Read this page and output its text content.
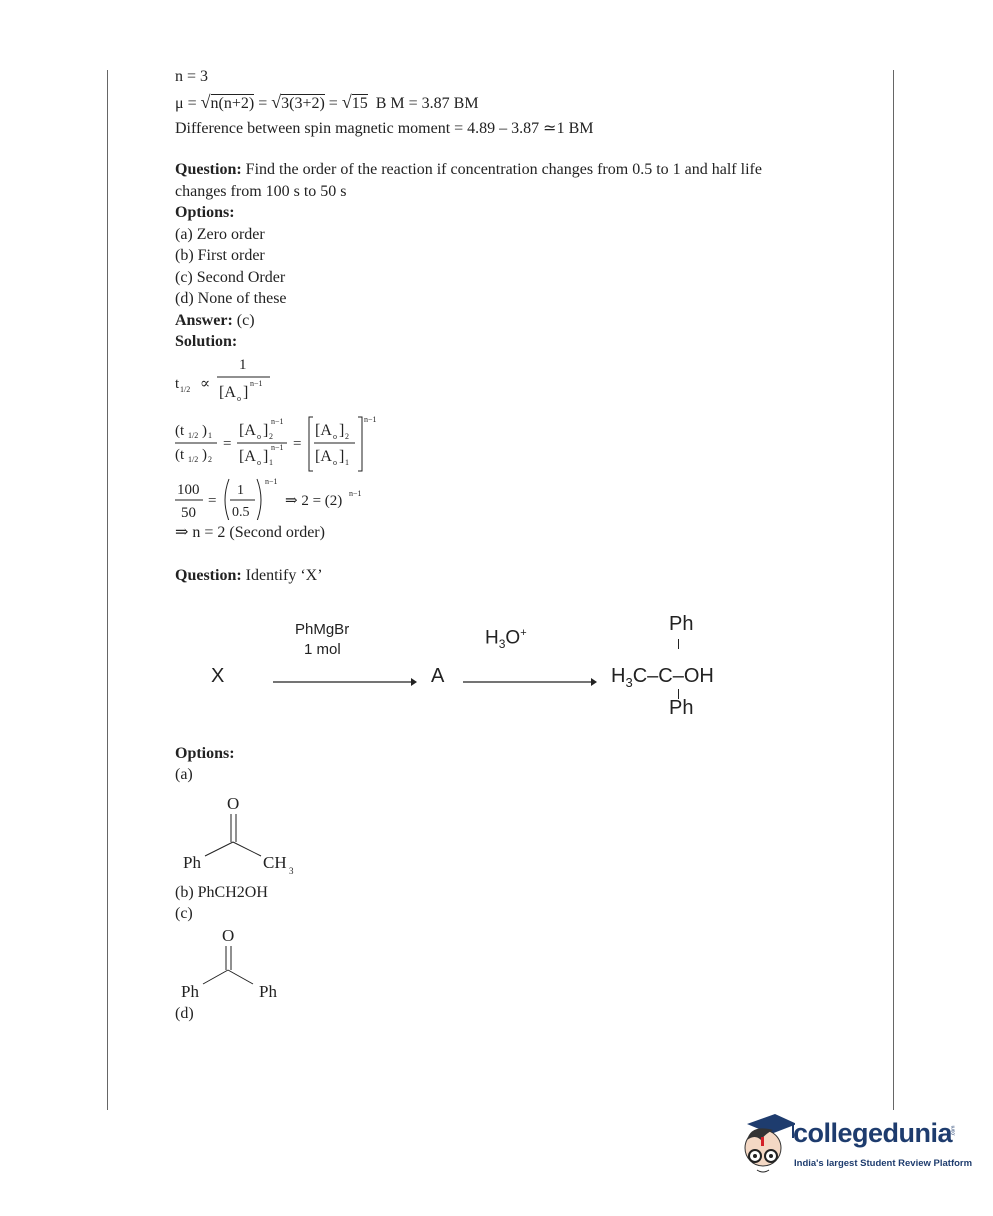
n = 3
μ = √n(n+2) = √3(3+2) = √15 B M = 3.87 BM
Difference between spin magnetic moment = 4.89 – 3.87 ≃1 BM
Question: Find the order of the reaction if concentration changes from 0.5 to 1 and half life changes from 100 s to 50 s
Options:
(a) Zero order
(b) First order
(c) Second Order
(d) None of these
Answer: (c)
Solution:
t 1/2 ∝
1
[A o ]
n−1
(t 1/2 ) 1
(t 1/2 ) 2
=
[A o ] 2
n−1
[A o ] 1
n−1 =
[A o ] 2
[A o ] 1
n−1
100
50
=
1
0.5
n−1
⇒ 2 = (2) n−1
⇒ n = 2 (Second order)
Question: Identify ‘X’
X
PhMgBr
1 mol
A
$H_3O^+$	Ph
$H_3C-C-OH$
Ph
Options:
(a)
O
Ph	CH 3
(b) PhCH2OH
(c)
O
Ph	Ph
(d)
collegedunia
.com
India's largest Student Review Platform
